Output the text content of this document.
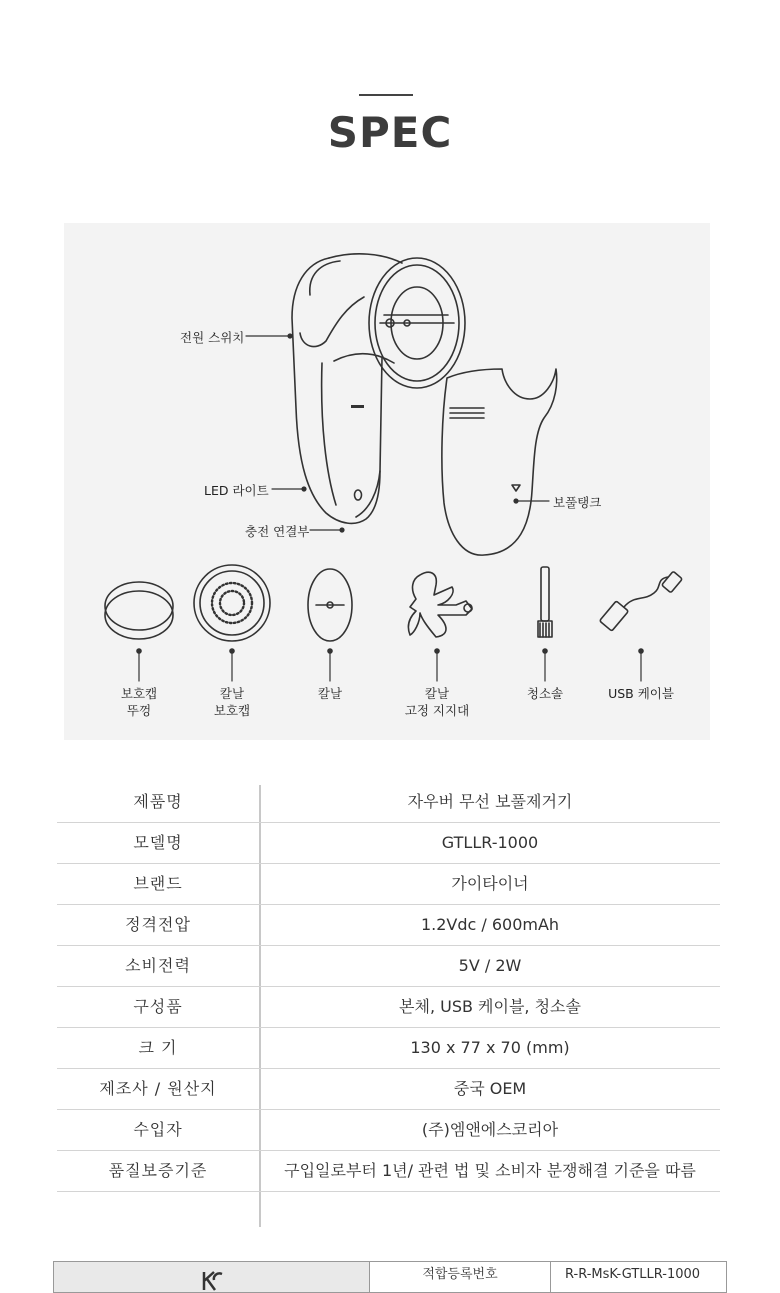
SPEC
전원 스위치
LED 라이트
충전 연결부
보풀탱크
보호캡
뚜껑
칼날
보호캡
칼날	칼날
고정 지지대
청소솔	USB 케이블
제품명	자우버 무선 보풀제거기
모델명	GTLLR-1000
브랜드	가이타이너
정격전압	1.2Vdc / 600mAh
소비전력	5V / 2W
구성품	본체, USB 케이블, 청소솔
크 기	130 x 77 x 70 (mm)
제조사 / 원산지	중국 OEM
수입자	(주)엠앤에스코리아
품질보증기준	구입일로부터 1년/ 관련 법 및 소비자 분쟁해결 기준을 따름
적합등록번호	R-R-MsK-GTLLR-1000
